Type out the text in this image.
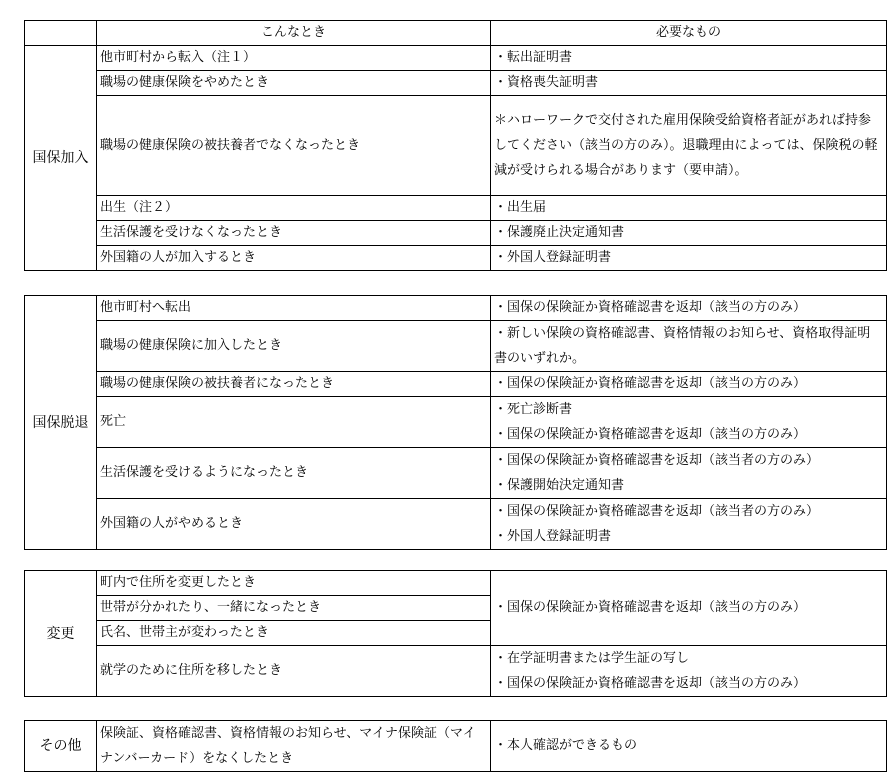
	こんなとき	必要なもの
国保加入	他市町村から転入（注１）	・転出証明書
	職場の健康保険をやめたとき	・資格喪失証明書
	職場の健康保険の被扶養者でなくなったとき	＊ハローワークで交付された雇用保険受給資格者証があれば持参してください（該当の方のみ）。退職理由によっては、保険税の軽減が受けられる場合があります（要申請）。
	出生（注２）	・出生届
	生活保護を受けなくなったとき	・保護廃止決定通知書
	外国籍の人が加入するとき	・外国人登録証明書
国保脱退	他市町村へ転出	・国保の保険証か資格確認書を返却（該当の方のみ）
	職場の健康保険に加入したとき	・新しい保険の資格確認書、資格情報のお知らせ、資格取得証明書のいずれか。
	職場の健康保険の被扶養者になったとき	・国保の保険証か資格確認書を返却（該当の方のみ）
	死亡	・死亡診断書
・国保の保険証か資格確認書を返却（該当の方のみ）

	生活保護を受けるようになったとき	・国保の保険証か資格確認書を返却（該当者の方のみ）
・保護開始決定通知書

	外国籍の人がやめるとき	・国保の保険証か資格確認書を返却（該当者の方のみ）
・外国人登録証明書
変更	町内で住所を変更したとき	・国保の保険証か資格確認書を返却（該当の方のみ）
	世帯が分かれたり、一緒になったとき	
	氏名、世帯主が変わったとき	
	就学のために住所を移したとき	・在学証明書または学生証の写し
・国保の保険証か資格確認書を返却（該当の方のみ）
その他	保険証、資格確認書、資格情報のお知らせ、マイナ保険証（マイナンバーカード）をなくしたとき	・本人確認ができるもの
